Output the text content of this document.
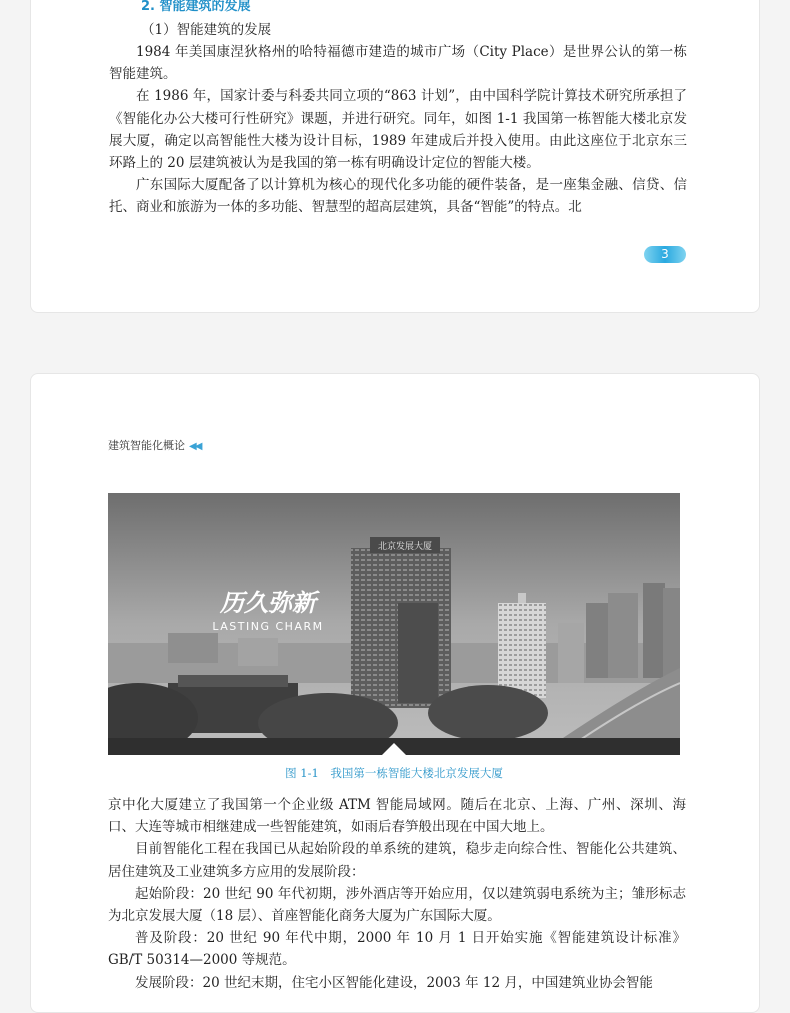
2. 智能建筑的发展
（1）智能建筑的发展

1984 年美国康涅狄格州的哈特福德市建造的城市广场（City Place）是世界公认的第一栋智能建筑。

在 1986 年，国家计委与科委共同立项的“863 计划”，由中国科学院计算技术研究所承担了《智能化办公大楼可行性研究》课题，并进行研究。同年，如图 1-1 我国第一栋智能大楼北京发展大厦，确定以高智能性大楼为设计目标，1989 年建成后并投入使用。由此这座位于北京东三环路上的 20 层建筑被认为是我国的第一栋有明确设计定位的智能大楼。

广东国际大厦配备了以计算机为核心的现代化多功能的硬件装备，是一座集金融、信贷、信托、商业和旅游为一体的多功能、智慧型的超高层建筑，具备“智能”的特点。北

3
建筑智能化概论 ◀◀
北京发展大厦
历久弥新
LASTING CHARM
图 1-1　我国第一栋智能大楼北京发展大厦

京中化大厦建立了我国第一个企业级 ATM 智能局域网。随后在北京、上海、广州、深圳、海口、大连等城市相继建成一些智能建筑，如雨后春笋般出现在中国大地上。

目前智能化工程在我国已从起始阶段的单系统的建筑，稳步走向综合性、智能化公共建筑、居住建筑及工业建筑多方应用的发展阶段：

起始阶段：20 世纪 90 年代初期，涉外酒店等开始应用，仅以建筑弱电系统为主；雏形标志为北京发展大厦（18 层）、首座智能化商务大厦为广东国际大厦。

普及阶段：20 世纪 90 年代中期，2000 年 10 月 1 日开始实施《智能建筑设计标准》GB/T 50314—2000 等规范。

发展阶段：20 世纪末期，住宅小区智能化建设，2003 年 12 月，中国建筑业协会智能
